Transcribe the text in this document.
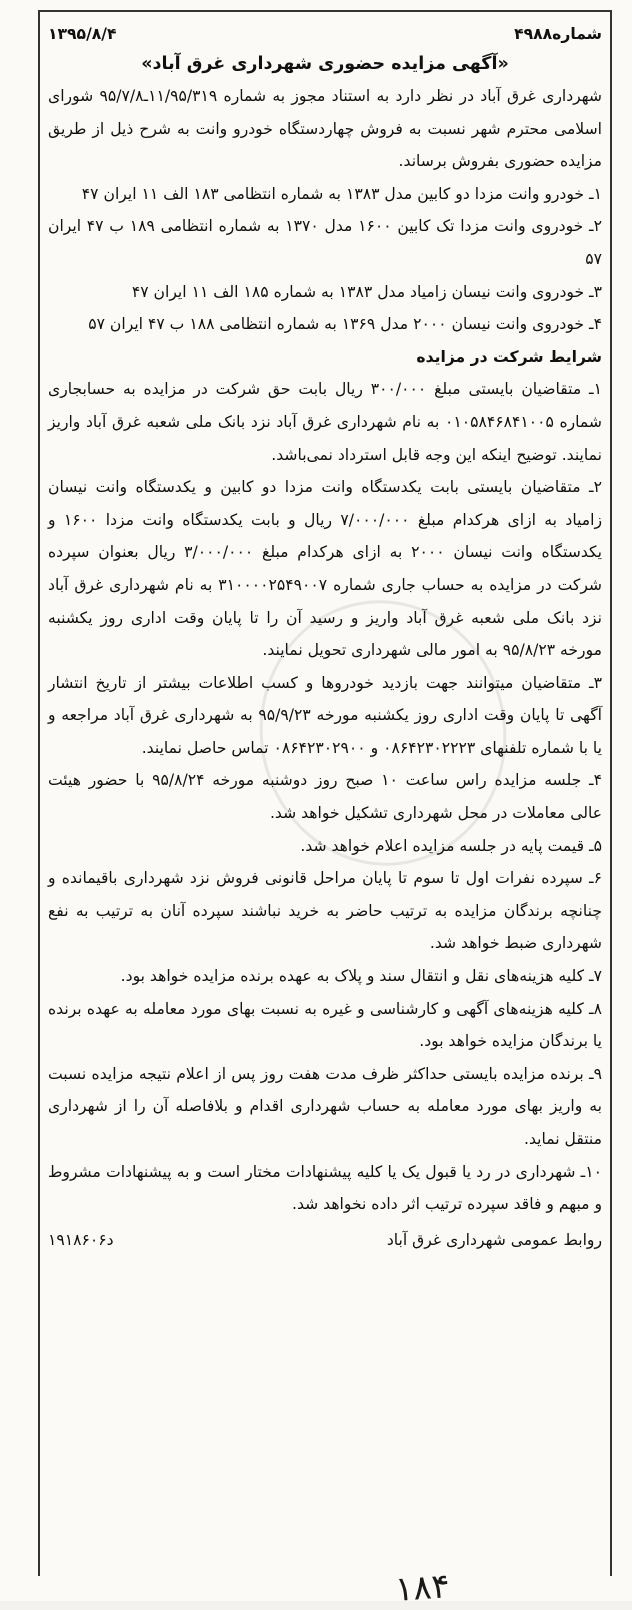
شماره۴۹۸۸
۱۳۹۵/۸/۴
«آگهی مزایده حضوری شهرداری غرق آباد»

شهرداری غرق آباد در نظر دارد به استناد مجوز به شماره ۱۱/۹۵/۳۱۹ـ۹۵/۷/۸ شورای اسلامی محترم شهر نسبت به فروش چهاردستگاه خودرو وانت به شرح ذیل از طریق مزایده حضوری بفروش برساند.

۱ـ خودرو وانت مزدا دو کابین مدل ۱۳۸۳ به شماره انتظامی ۱۸۳ الف ۱۱ ایران ۴۷

۲ـ خودروی وانت مزدا تک کابین ۱۶۰۰ مدل ۱۳۷۰ به شماره انتظامی ۱۸۹ ب ۴۷ ایران ۵۷

۳ـ خودروی وانت نیسان زامیاد مدل ۱۳۸۳ به شماره ۱۸۵ الف ۱۱ ایران ۴۷

۴ـ خودروی وانت نیسان ۲۰۰۰ مدل ۱۳۶۹ به شماره انتظامی ۱۸۸ ب ۴۷ ایران ۵۷

شرایط شرکت در مزایده

۱ـ متقاضیان بایستی مبلغ ۳۰۰/۰۰۰ ریال بابت حق شرکت در مزایده به حسابجاری شماره ۰۱۰۵۸۴۶۸۴۱۰۰۵ به نام شهرداری غرق آباد نزد بانک ملی شعبه غرق آباد واریز نمایند. توضیح اینکه این وجه قابل استرداد نمی‌باشد.

۲ـ متقاضیان بایستی بابت یکدستگاه وانت مزدا دو کابین و یکدستگاه وانت نیسان زامیاد به ازای هرکدام مبلغ ۷/۰۰۰/۰۰۰ ریال و بابت یکدستگاه وانت مزدا ۱۶۰۰ و یکدستگاه وانت نیسان ۲۰۰۰ به ازای هرکدام مبلغ ۳/۰۰۰/۰۰۰ ریال بعنوان سپرده شرکت در مزایده به حساب جاری شماره ۳۱۰۰۰۰۲۵۴۹۰۰۷ به نام شهرداری غرق آباد نزد بانک ملی شعبه غرق آباد واریز و رسید آن را تا پایان وقت اداری روز یکشنبه مورخه ۹۵/۸/۲۳ به امور مالی شهرداری تحویل نمایند.

۳ـ متقاضیان میتوانند جهت بازدید خودروها و کسب اطلاعات بیشتر از تاریخ انتشار آگهی تا پایان وقت اداری روز یکشنبه مورخه ۹۵/۹/۲۳ به شهرداری غرق آباد مراجعه و یا با شماره تلفنهای ۰۸۶۴۲۳۰۲۲۲۳ و ۰۸۶۴۲۳۰۲۹۰۰ تماس حاصل نمایند.

۴ـ جلسه مزایده راس ساعت ۱۰ صبح روز دوشنبه مورخه ۹۵/۸/۲۴ با حضور هیئت عالی معاملات در محل شهرداری تشکیل خواهد شد.

۵ـ قیمت پایه در جلسه مزایده اعلام خواهد شد.

۶ـ سپرده نفرات اول تا سوم تا پایان مراحل قانونی فروش نزد شهرداری باقیمانده و چنانچه برندگان مزایده به ترتیب حاضر به خرید نباشند سپرده آنان به ترتیب به نفع شهرداری ضبط خواهد شد.

۷ـ کلیه هزینه‌های نقل و انتقال سند و پلاک به عهده برنده مزایده خواهد بود.

۸ـ کلیه هزینه‌های آگهی و کارشناسی و غیره به نسبت بهای مورد معامله به عهده برنده یا برندگان مزایده خواهد بود.

۹ـ برنده مزایده بایستی حداکثر ظرف مدت هفت روز پس از اعلام نتیجه مزایده نسبت به واریز بهای مورد معامله به حساب شهرداری اقدام و بلافاصله آن را از شهرداری منتقل نماید.

۱۰ـ شهرداری در رد یا قبول یک یا کلیه پیشنهادات مختار است و به پیشنهادات مشروط و مبهم و فاقد سپرده ترتیب اثر داده نخواهد شد.

روابط عمومی شهرداری غرق آباد
د۱۹۱۸۶۰۶
۱۸۴
